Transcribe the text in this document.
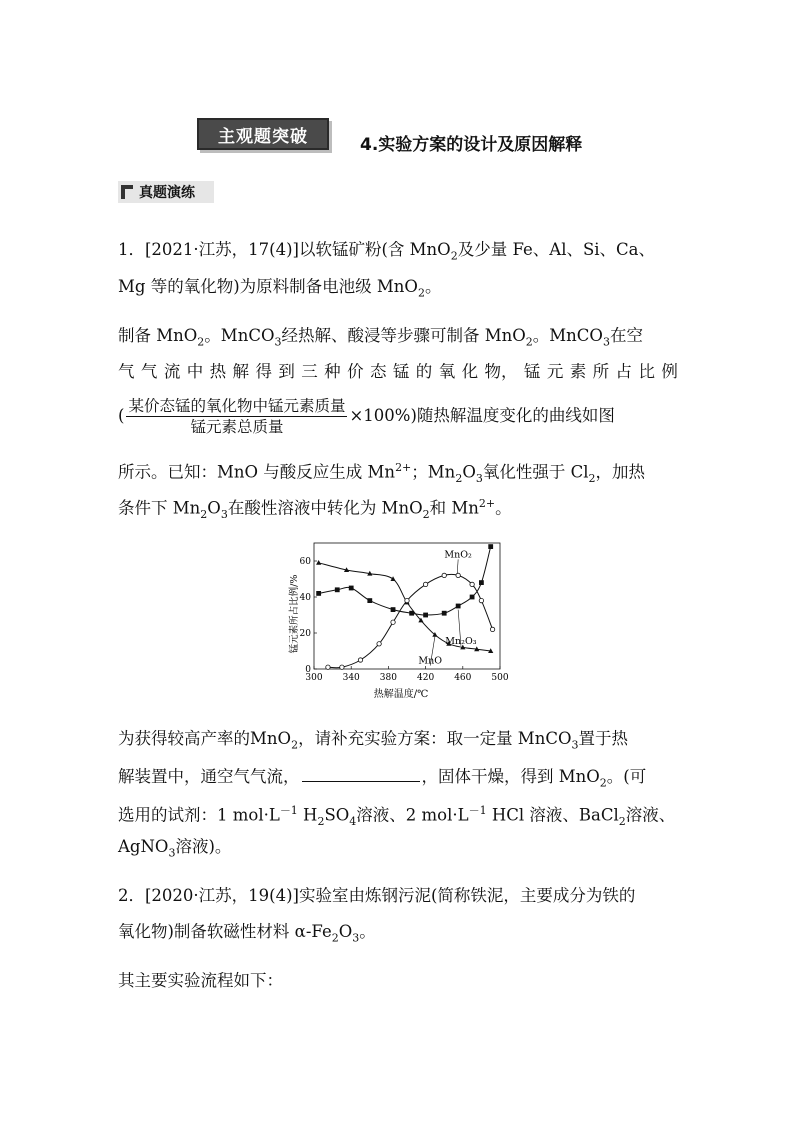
主观题突破	4.实验方案的设计及原因解释
真题演练
1．[2021·江苏，17(4)]以软锰矿粉(含 MnO$_2$及少量 Fe、Al、Si、Ca、
Mg 等的氧化物)为原料制备电池级 MnO$_2$。
制备 MnO$_2$。MnCO$_3$经热解、酸浸等步骤可制备 MnO$_2$。MnCO$_3$在空
气 气 流 中 热 解 得 到 三 种 价 态 锰 的 氧 化 物， 锰 元 素 所 占 比 例
( $\frac{\text{某价态锰的氧化物中锰元素质量}}{\text{锰元素总质量}} \times 100\%$)随热解温度变化的曲线如图
所示。已知：MnO 与酸反应生成 $Mn^{2+}$；$Mn_2O_3$氧化性强于 $Cl_2$，加热
条件下 $Mn_2O_3$在酸性溶液中转化为 MnO$_2$和 $Mn^{2+}$。
300 340 380 420 460 500
0
20
40
60
热解温度/℃
锰元素所占比例/%
MnO₂
Mn₂O₃
MnO
为获得较高产率的MnO$_2$，请补充实验方案：取一定量 MnCO$_3$置于热
解装置中，通空气气流，	，固体干燥，得到 MnO$_2$。(可
选用的试剂：1 $mol\cdot L^{-1}$ $H_2SO_4$溶液、2 $mol\cdot L^{-1}$ HCl 溶液、BaCl$_2$溶液、
AgNO$_3$溶液)。
2．[2020·江苏，19(4)]实验室由炼钢污泥(简称铁泥，主要成分为铁的
氧化物)制备软磁性材料 $\alpha-Fe_2O_3$。
其主要实验流程如下：
